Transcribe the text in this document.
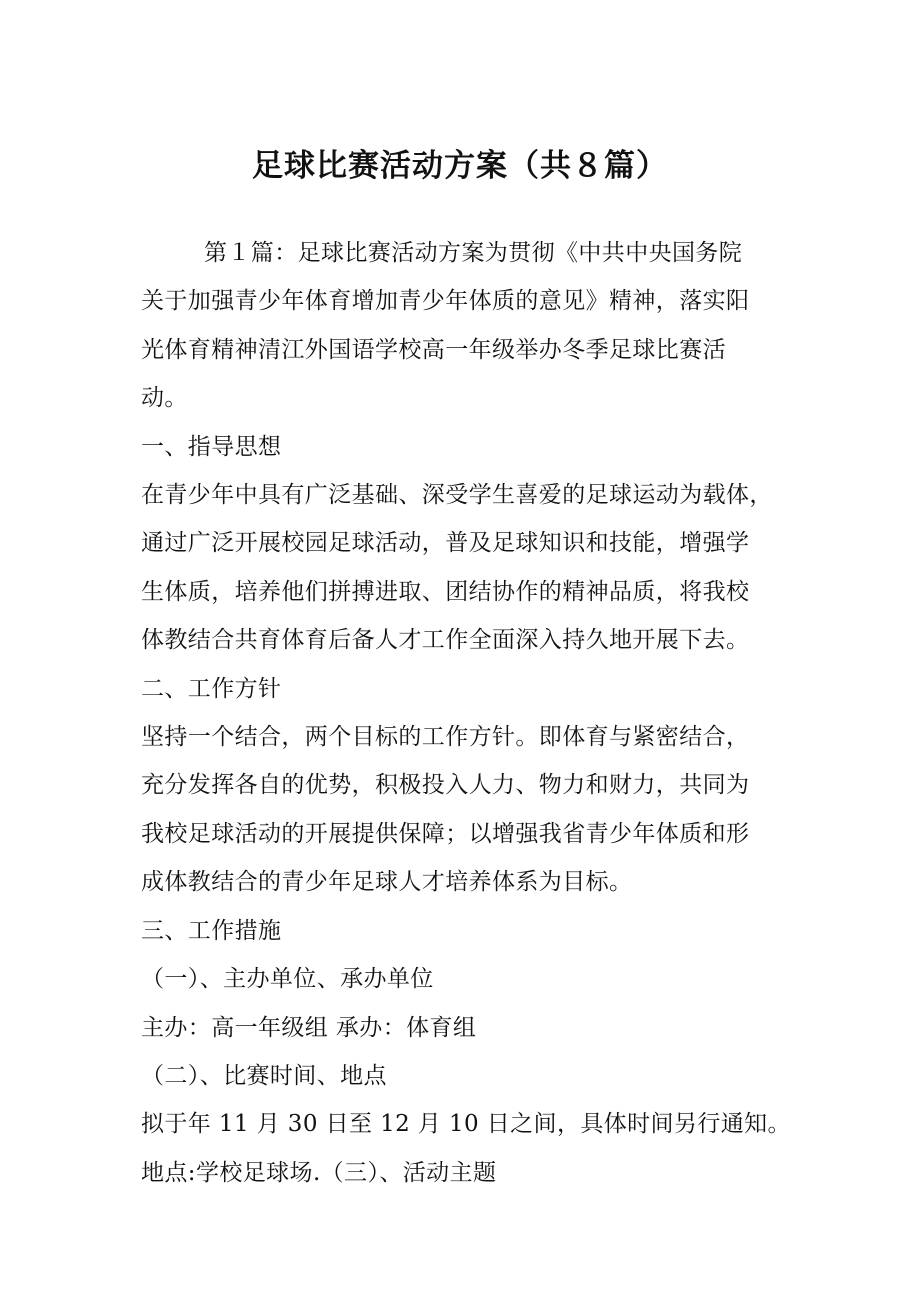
足球比赛活动方案（共８篇）
第１篇：足球比赛活动方案为贯彻《中共中央国务院
关于加强青少年体育增加青少年体质的意见》精神，落实阳
光体育精神清江外国语学校高一年级举办冬季足球比赛活
动。
一、指导思想
在青少年中具有广泛基础、深受学生喜爱的足球运动为载体，
通过广泛开展校园足球活动，普及足球知识和技能，增强学
生体质，培养他们拼搏进取、团结协作的精神品质，将我校
体教结合共育体育后备人才工作全面深入持久地开展下去。
二、工作方针
坚持一个结合，两个目标的工作方针。即体育与紧密结合，
充分发挥各自的优势，积极投入人力、物力和财力，共同为
我校足球活动的开展提供保障；以增强我省青少年体质和形
成体教结合的青少年足球人才培养体系为目标。
三、工作措施
（一）、主办单位、承办单位
主办：高一年级组 承办：体育组
（二）、比赛时间、地点
拟于年 11 月 30 日至 12 月 10 日之间，具体时间另行通知。
地点:学校足球场.（三）、活动主题
